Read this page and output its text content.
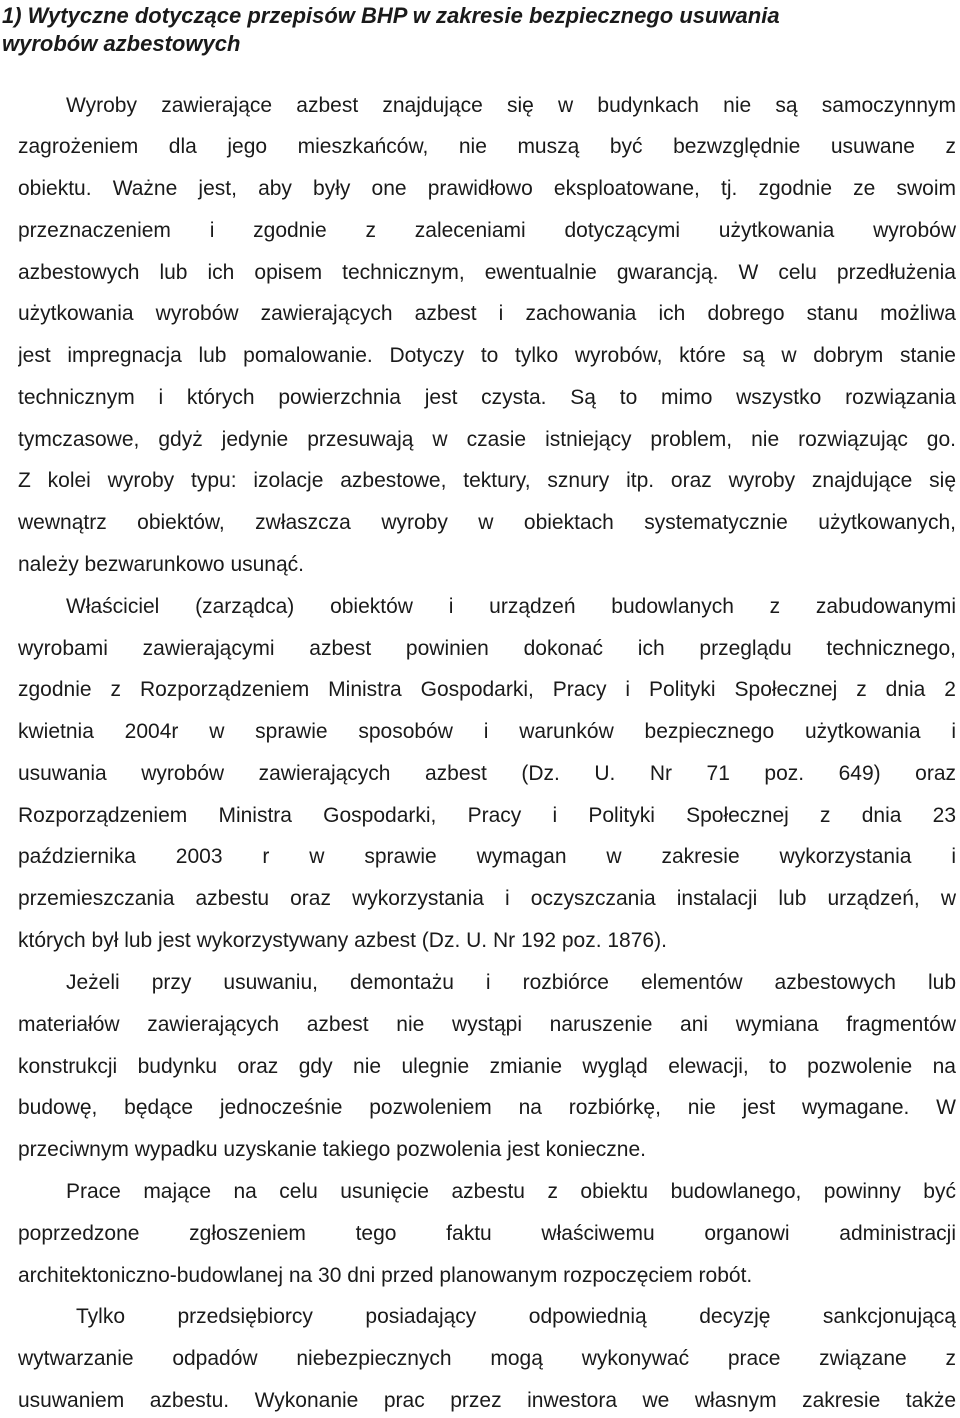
1) Wytyczne dotyczące przepisów BHP w zakresie bezpiecznego usuwania
wyrobów azbestowych
Wyroby zawierające azbest znajdujące się w budynkach nie są samoczynnym
zagrożeniem dla jego mieszkańców, nie muszą być bezwzględnie usuwane z
obiektu. Ważne jest, aby były one prawidłowo eksploatowane, tj. zgodnie ze swoim
przeznaczeniem i zgodnie z zaleceniami dotyczącymi użytkowania wyrobów
azbestowych lub ich opisem technicznym, ewentualnie gwarancją. W celu przedłużenia
użytkowania wyrobów zawierających azbest i zachowania ich dobrego stanu możliwa
jest impregnacja lub pomalowanie. Dotyczy to tylko wyrobów, które są w dobrym stanie
technicznym i których powierzchnia jest czysta. Są to mimo wszystko rozwiązania
tymczasowe, gdyż jedynie przesuwają w czasie istniejący problem, nie rozwiązując go.
Z kolei wyroby typu: izolacje azbestowe, tektury, sznury itp. oraz wyroby znajdujące się
wewnątrz obiektów, zwłaszcza wyroby w obiektach systematycznie użytkowanych,
należy bezwarunkowo usunąć.
Właściciel (zarządca) obiektów i urządzeń budowlanych z zabudowanymi
wyrobami zawierającymi azbest powinien dokonać ich przeglądu technicznego,
zgodnie z Rozporządzeniem Ministra Gospodarki, Pracy i Polityki Społecznej z dnia 2
kwietnia 2004r w sprawie sposobów i warunków bezpiecznego użytkowania i
usuwania wyrobów zawierających azbest (Dz. U. Nr 71 poz. 649) oraz
Rozporządzeniem Ministra Gospodarki, Pracy i Polityki Społecznej z dnia 23
października 2003 r w sprawie wymagan w zakresie wykorzystania i
przemieszczania azbestu oraz wykorzystania i oczyszczania instalacji lub urządzeń, w
których był lub jest wykorzystywany azbest (Dz. U. Nr 192 poz. 1876).
Jeżeli przy usuwaniu, demontażu i rozbiórce elementów azbestowych lub
materiałów zawierających azbest nie wystąpi naruszenie ani wymiana fragmentów
konstrukcji budynku oraz gdy nie ulegnie zmianie wygląd elewacji, to pozwolenie na
budowę, będące jednocześnie pozwoleniem na rozbiórkę, nie jest wymagane. W
przeciwnym wypadku uzyskanie takiego pozwolenia jest konieczne.
Prace mające na celu usunięcie azbestu z obiektu budowlanego, powinny być
poprzedzone zgłoszeniem tego faktu właściwemu organowi administracji
architektoniczno-budowlanej na 30 dni przed planowanym rozpoczęciem robót.
Tylko przedsiębiorcy posiadający odpowiednią decyzję sankcjonującą
wytwarzanie odpadów niebezpiecznych mogą wykonywać prace związane z
usuwaniem azbestu. Wykonanie prac przez inwestora we własnym zakresie także
